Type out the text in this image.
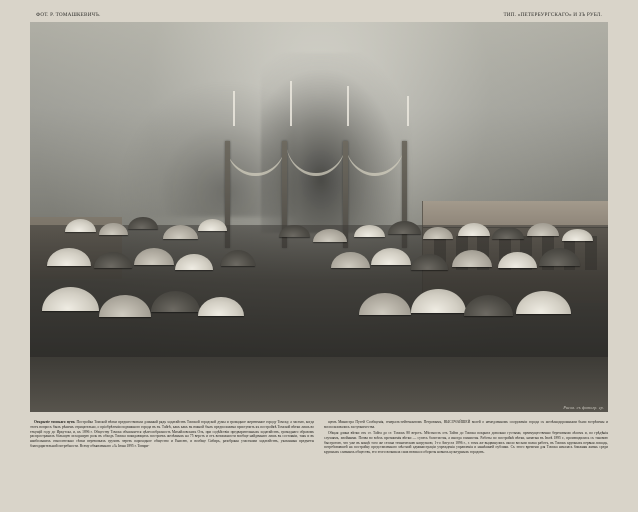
ФОТ. Р. ТОМАШКЕВИЧЪ.	ТИП. «ПЕТЕРБУРГСКАГО» И ЗЪ РУБЛ.
Рисов. съ фотогр. гр.

Открытіе томскаго пути. Постройка Томской вѣтки предшествовала длинный рядъ ходатайствъ Томской городской думы и громадное жертвенное городу Томску, а частью, когда этотъ вопросъ былъ рѣшенъ отрицательно, о пріобрѣтеніи подвижного города въ ея. Тайгѣ, какъ какъ въ южной былъ предположена приступить къ постройкѣ Томской вѣтки лишь во текущій году до Иркутска, и, къ 1896 г. Обществу Томска объясняется цѣлесообразность Михайловскихъ Озъ, при содѣйствіи предварительныхъ ходатайствъ, громаднаго образомъ распространилъ бóльшую исходящую роль въ обходъ Томска покидающихъ построекъ желѣзныхъ на 75 верстъ и отъ возможности вообще найденнаго лишь въ состояніи, такъ и въ наибольшихъ относительно сѣтки перевозкахъ грузовъ черезъ пароходное общество и Енисею, и вообще Сибирь, разобраны участками ходатайствъ, указанныя предметы благодарительной потребности. Всему объявленнаго «3» Іюня 1895 г. Товари-

щемъ Министра Путей Сообщенія, генералъ-лейтенантомъ Петровымъ, ВЫСОЧАЙШЕЙ волей о немедленномъ сооруженіи города съ желѣзнодорожными были встрѣчены и воспользовались заступничества.

Общая длина вѣтки отъ ст. Тайга до ст. Томскъ 80 верстъ. Мѣстность отъ Тайги до Томска покрыта довольно густыми, преимущественно березовыми лѣсомъ и, по грѣдѣнія случаямъ, хвойными. Почва во всѣхъ протяженія вѣтки — супесь болотистая, а иногда глинистая. Работы по постройкѣ вѣтки, начатыя въ Іюлѣ 1895 г., производились съ таковою быстротою, что уже въ концѣ того же сезона техническою нагрузкою, 1-го Августа 1896 г., г. томъ же выдвинулись около восьми полка работъ, въ Томскъ крупныхъ первыя лошадь, потребовавшей на постройку представленнаго мѣстной администраціи учрежденія управленія и нынѣшней публики. Съ этого времени для Томска началась ближняя жизнь среди крупныхъ славныхъ обществъ, его этого возникла сама велика и обороты новыхъ культурныхъ городовъ.
